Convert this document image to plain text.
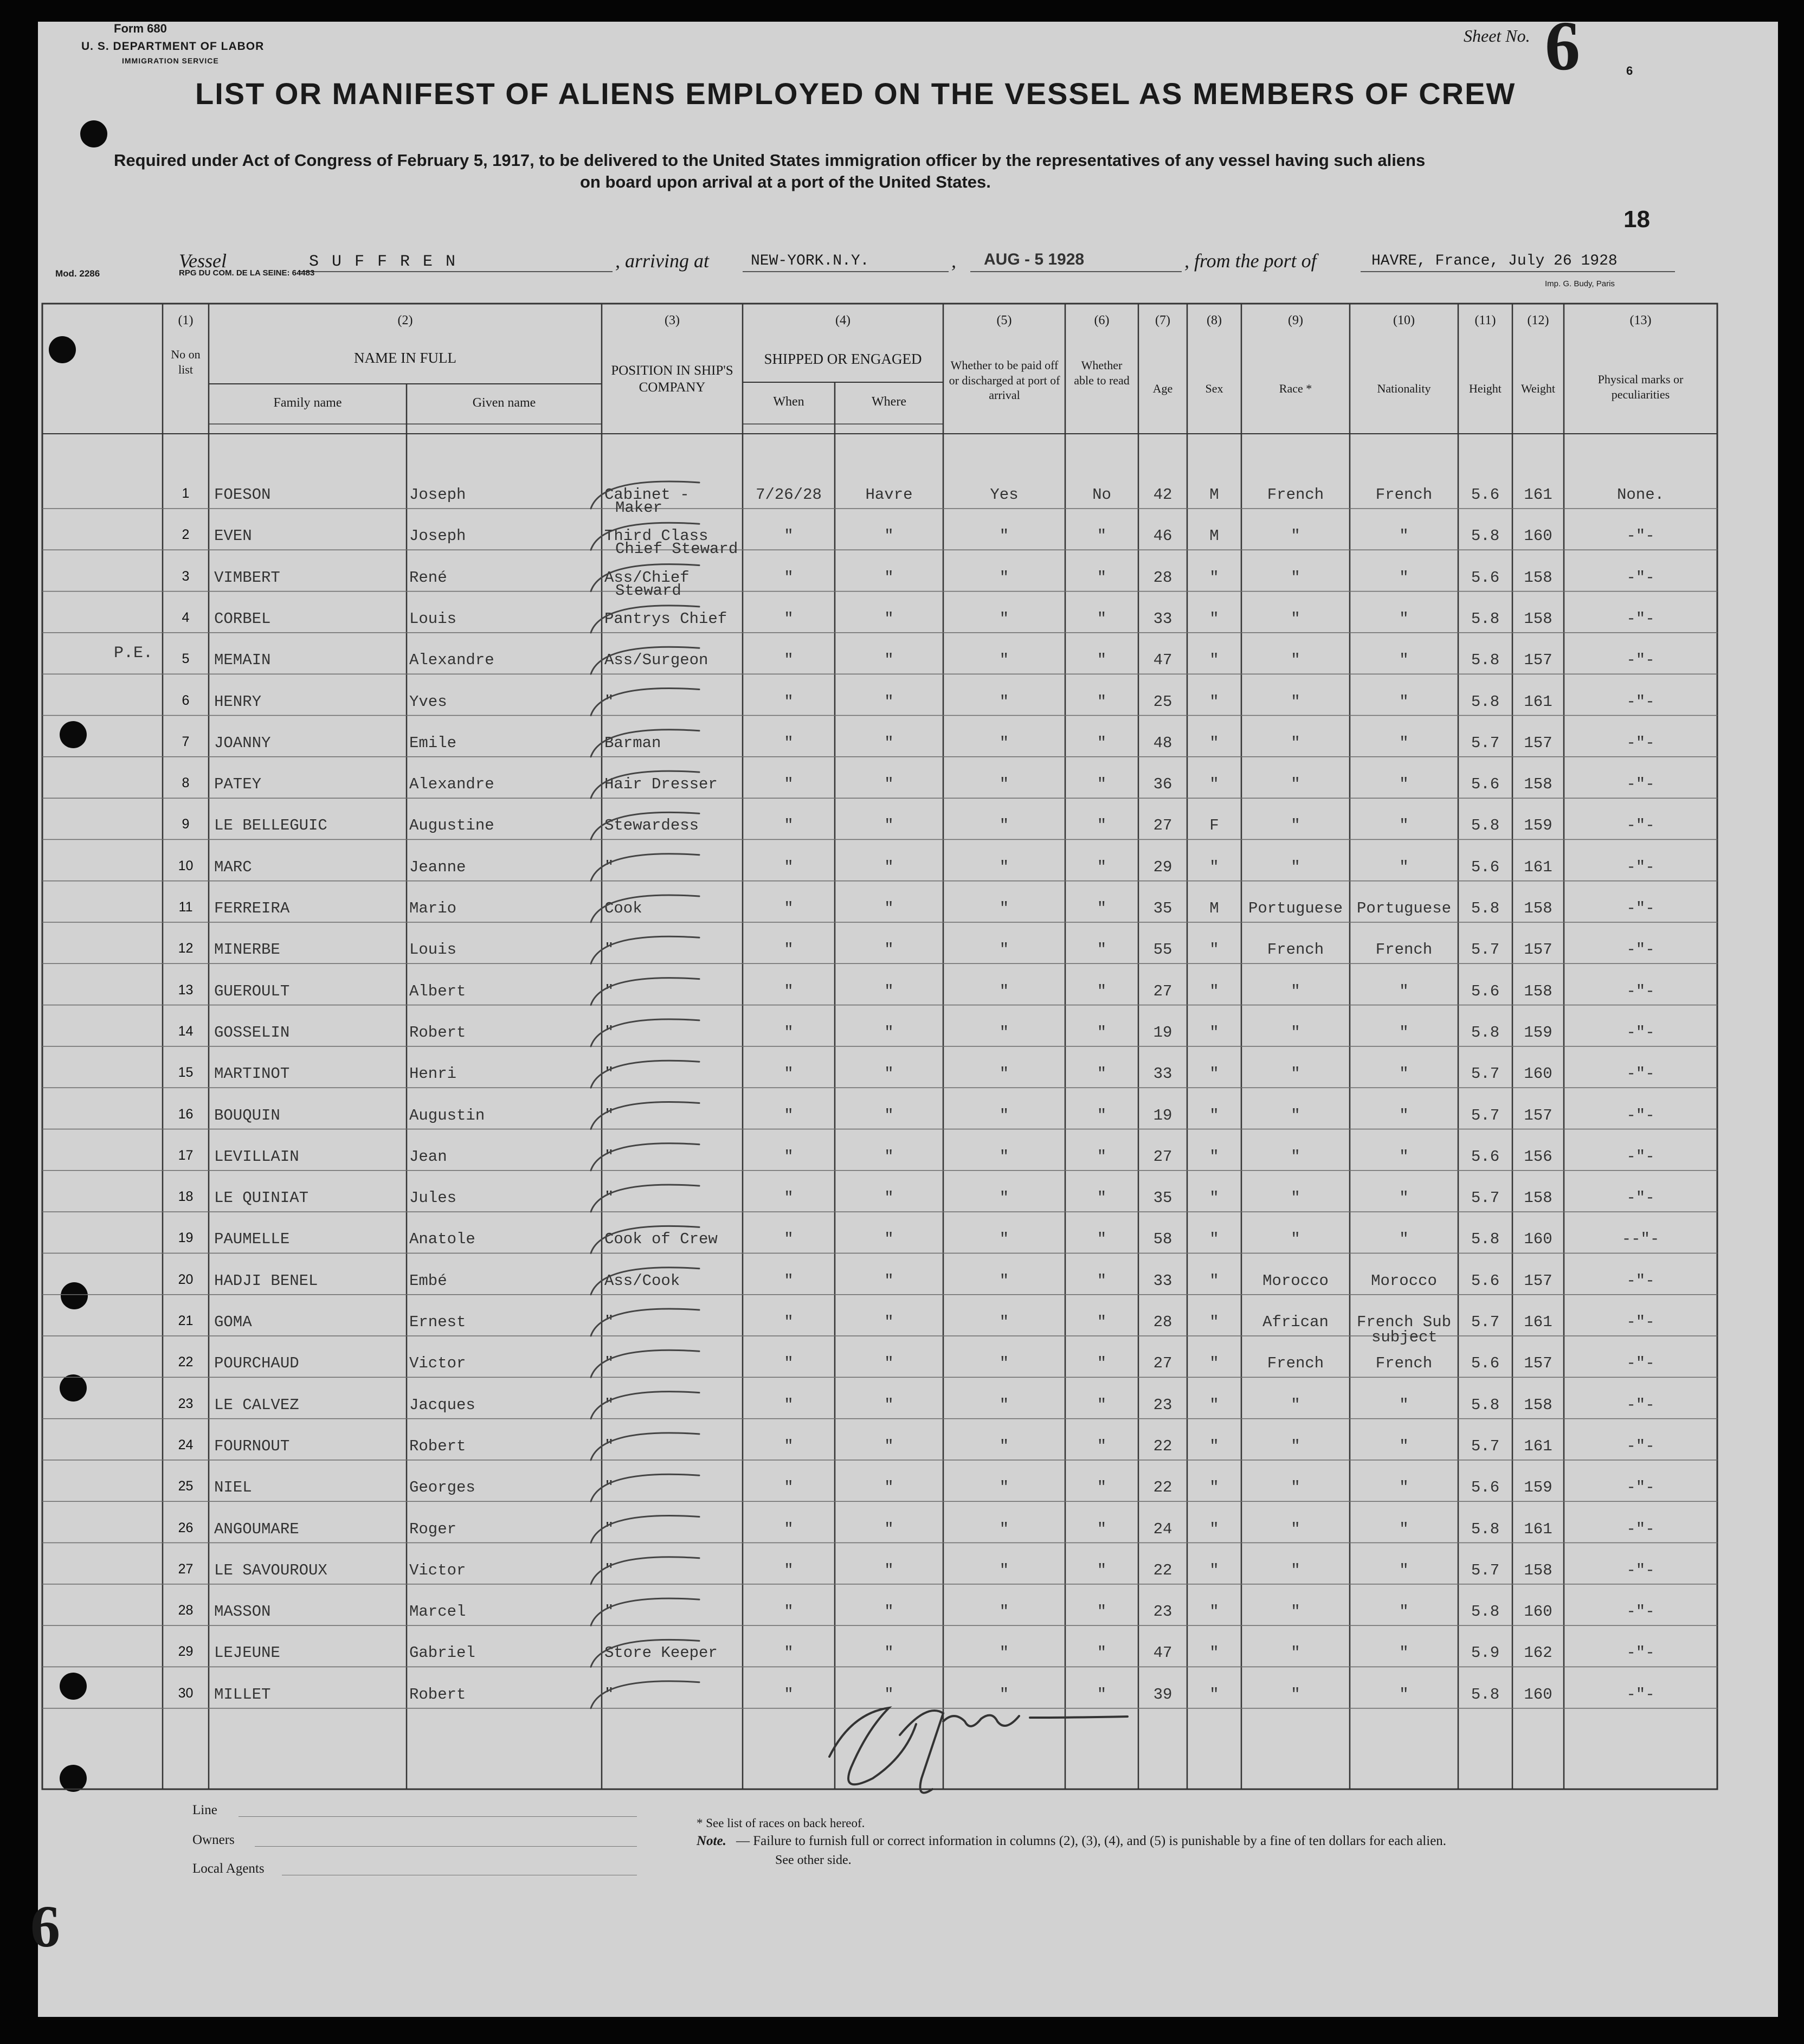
Form 680
U. S. DEPARTMENT OF LABOR
IMMIGRATION SERVICE
Sheet No. 6	6
LIST OR MANIFEST OF ALIENS EMPLOYED ON THE VESSEL AS MEMBERS OF CREW
Required under Act of Congress of February 5, 1917, to be delivered to the United States immigration officer by the representatives of any vessel having such aliens
on board upon arrival at a port of the United States.
18
Vessel	S U F F R E N	, arriving at	NEW-YORK.N.Y.	, AUG - 5 1928	, from the port of	HAVRE, France, July 26 1928
Mod. 2286	RPG DU COM. DE LA SEINE: 64483
Imp. G. Budy, Paris
(1)
No on list
(2)
NAME IN FULL
Family name	Given name
(3)
POSITION IN SHIP'S COMPANY
(4)
SHIPPED OR ENGAGED
When	Where
(5)
Whether to be paid off or discharged at port of arrival
(6)
Whether able to read
(7)
Age
(8)
Sex
(9)
Race *
(10)
Nationality
(11)
Height
(12)
Weight
(13)
Physical marks or peculiarities
P.E.
1	FOESON	Joseph	Cabinet -	7/26/28	Havre	Yes	No	42	M	French	French	5.6	161	None.
Maker
2	EVEN	Joseph	Third Class	"	"	"	"	46	M	"	"	5.8	160	-"-
Chief Steward
3	VIMBERT	René	Ass/Chief	"	"	"	"	28	"	"	"	5.6	158	-"-
Steward
4	CORBEL	Louis	Pantrys Chief	"	"	"	"	33	"	"	"	5.8	158	-"-
5	MEMAIN	Alexandre	Ass/Surgeon	"	"	"	"	47	"	"	"	5.8	157	-"-
6	HENRY	Yves	"	"	"	"	"	25	"	"	"	5.8	161	-"-
7	JOANNY	Emile	Barman	"	"	"	"	48	"	"	"	5.7	157	-"-
8	PATEY	Alexandre	Hair Dresser	"	"	"	"	36	"	"	"	5.6	158	-"-
9	LE BELLEGUIC	Augustine	Stewardess	"	"	"	"	27	F	"	"	5.8	159	-"-
10	MARC	Jeanne	"	"	"	"	"	29	"	"	"	5.6	161	-"-
11	FERREIRA	Mario	Cook	"	"	"	"	35	M	Portuguese Portuguese	5.8	158	-"-
12	MINERBE	Louis	"	"	"	"	"	55	"	French	French	5.7	157	-"-
13	GUEROULT	Albert	"	"	"	"	"	27	"	"	"	5.6	158	-"-
14	GOSSELIN	Robert	"	"	"	"	"	19	"	"	"	5.8	159	-"-
15	MARTINOT	Henri	"	"	"	"	"	33	"	"	"	5.7	160	-"-
16	BOUQUIN	Augustin	"	"	"	"	"	19	"	"	"	5.7	157	-"-
17	LEVILLAIN	Jean	"	"	"	"	"	27	"	"	"	5.6	156	-"-
18	LE QUINIAT	Jules	"	"	"	"	"	35	"	"	"	5.7	158	-"-
19	PAUMELLE	Anatole	Cook of Crew	"	"	"	"	58	"	"	"	5.8	160	--"-
20	HADJI BENEL	Embé	Ass/Cook	"	"	"	"	33	"	Morocco	Morocco	5.6	157	-"-
21	GOMA	Ernest	"	"	"	"	"	28	"	African	French Sub	5.7	161	-"-
subject
22	POURCHAUD	Victor	"	"	"	"	"	27	"	French	French	5.6	157	-"-
23	LE CALVEZ	Jacques	"	"	"	"	"	23	"	"	"	5.8	158	-"-
24	FOURNOUT	Robert	"	"	"	"	"	22	"	"	"	5.7	161	-"-
25	NIEL	Georges	"	"	"	"	"	22	"	"	"	5.6	159	-"-
26	ANGOUMARE	Roger	"	"	"	"	"	24	"	"	"	5.8	161	-"-
27	LE SAVOUROUX	Victor	"	"	"	"	"	22	"	"	"	5.7	158	-"-
28	MASSON	Marcel	"	"	"	"	"	23	"	"	"	5.8	160	-"-
29	LEJEUNE	Gabriel	Store Keeper	"	"	"	"	47	"	"	"	5.9	162	-"-
30	MILLET	Robert	"	"	"	"	"	39	"	"	"	5.8	160	-"-
Line
Owners
Local Agents
* See list of races on back hereof.
Note. — Failure to furnish full or correct information in columns (2), (3), (4), and (5) is punishable by a fine of ten dollars for each alien.
See other side.
6
